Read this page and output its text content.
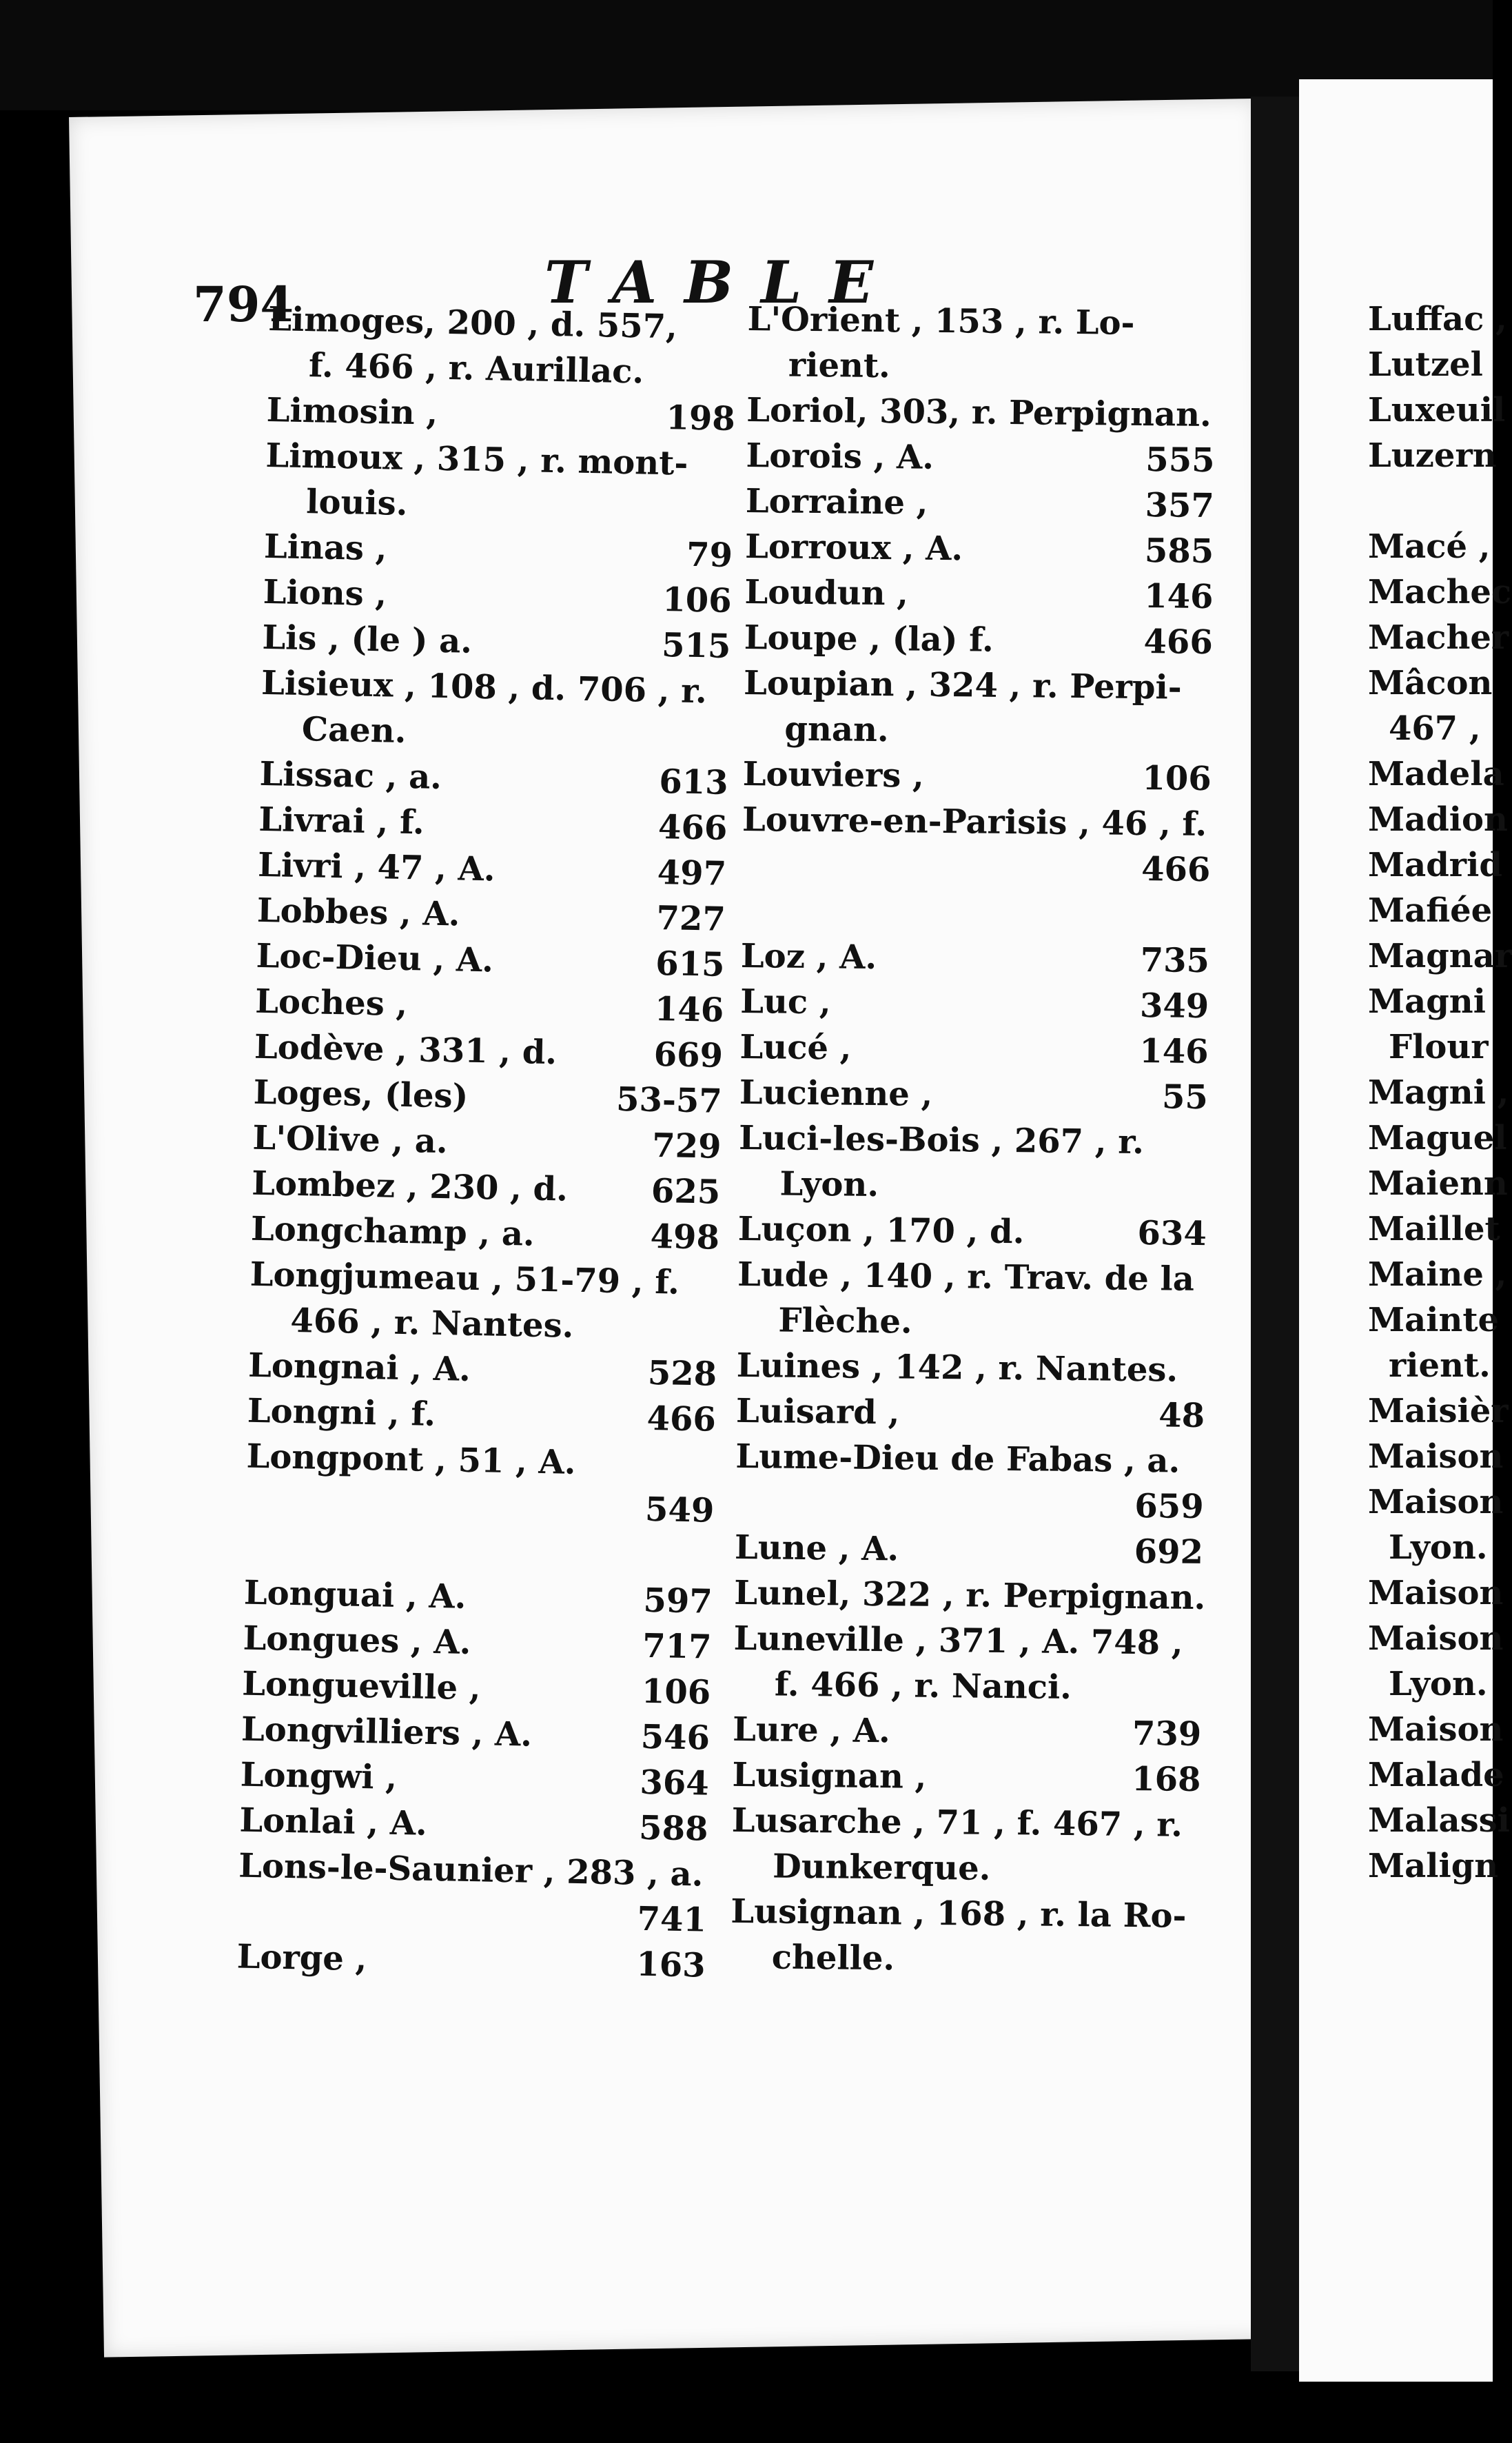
794	TABLE
Limoges, 200 , d. 557,
f. 466 , r. Aurillac.
Limosin ,	198
Limoux , 315 , r. mont-
louis.
Linas ,	79
Lions ,	106
Lis , (le ) a.	515
Lisieux , 108 , d. 706 , r.
Caen.
Lissac , a.	613
Livrai , f.	466
Livri , 47 , A.	497
Lobbes , A.	727
Loc-Dieu , A.	615
Loches ,	146
Lodève , 331 , d.	669
Loges, (les)	53-57
L'Olive , a.	729
Lombez , 230 , d.	625
Longchamp , a.	498
Longjumeau , 51-79 , f.
466 , r. Nantes.
Longnai , A.	528
Longni , f.	466
Longpont , 51 , A.
549
Longuai , A.	597
Longues , A.	717
Longueville ,	106
Longvilliers , A.	546
Longwi ,	364
Lonlai , A.	588
Lons-le-Saunier , 283 , a.
741
Lorge ,	163
L'Orient , 153 , r. Lo-
rient.
Loriol, 303, r. Perpignan.
Lorois , A.	555
Lorraine ,	357
Lorroux , A.	585
Loudun ,	146
Loupe , (la) f.	466
Loupian , 324 , r. Perpi-
gnan.
Louviers ,	106
Louvre-en-Parisis , 46 , f.
466
Loz , A.	735
Luc ,	349
Lucé ,	146
Lucienne ,	55
Luci-les-Bois , 267 , r.
Lyon.
Luçon , 170 , d.	634
Lude , 140 , r. Trav. de la
Flèche.
Luines , 142 , r. Nantes.
Luisard ,	48
Lume-Dieu de Fabas , a.
659
Lune , A.	692
Lunel, 322 , r. Perpignan.
Luneville , 371 , A. 748 ,
f. 466 , r. Nanci.
Lure , A.	739
Lusignan ,	168
Lusarche , 71 , f. 467 , r.
Dunkerque.
Lusignan , 168 , r. la Ro-
chelle.
Luffac ,
Lutzel
Luxeuil
Luzern
Macé ,
Machec
Macher
Mâcon
467 ,
Madela
Madion
Madrid
Mafiée
Magnar
Magni
Flour
Magni ,
Maguel
Maienn
Maillet
Maine ,
Mainte
rient.
Maisièr
Maison
Maison
Lyon.
Maison
Maison
Lyon.
Maison
Malade
Malassi
Malign
